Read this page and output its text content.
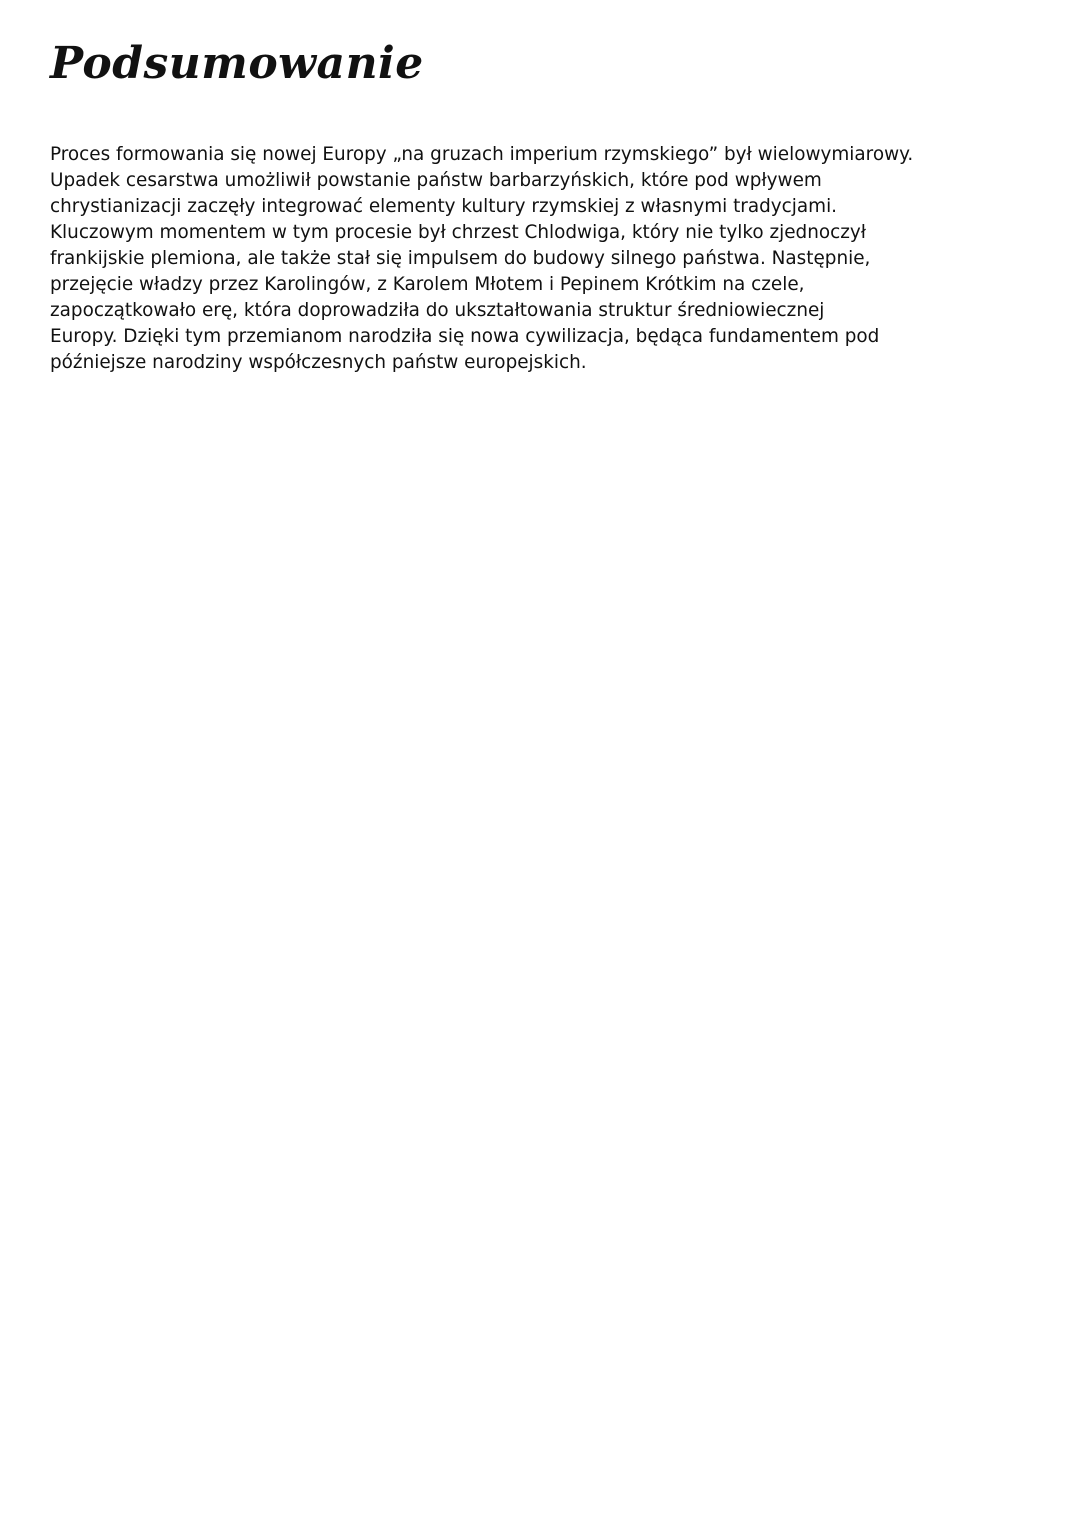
Podsumowanie
Proces formowania się nowej Europy „na gruzach imperium rzymskiego” był wielowymiarowy.
Upadek cesarstwa umożliwił powstanie państw barbarzyńskich, które pod wpływem
chrystianizacji zaczęły integrować elementy kultury rzymskiej z własnymi tradycjami.
Kluczowym momentem w tym procesie był chrzest Chlodwiga, który nie tylko zjednoczył
frankijskie plemiona, ale także stał się impulsem do budowy silnego państwa. Następnie,
przejęcie władzy przez Karolingów, z Karolem Młotem i Pepinem Krótkim na czele,
zapoczątkowało erę, która doprowadziła do ukształtowania struktur średniowiecznej
Europy. Dzięki tym przemianom narodziła się nowa cywilizacja, będąca fundamentem pod
późniejsze narodziny współczesnych państw europejskich.
